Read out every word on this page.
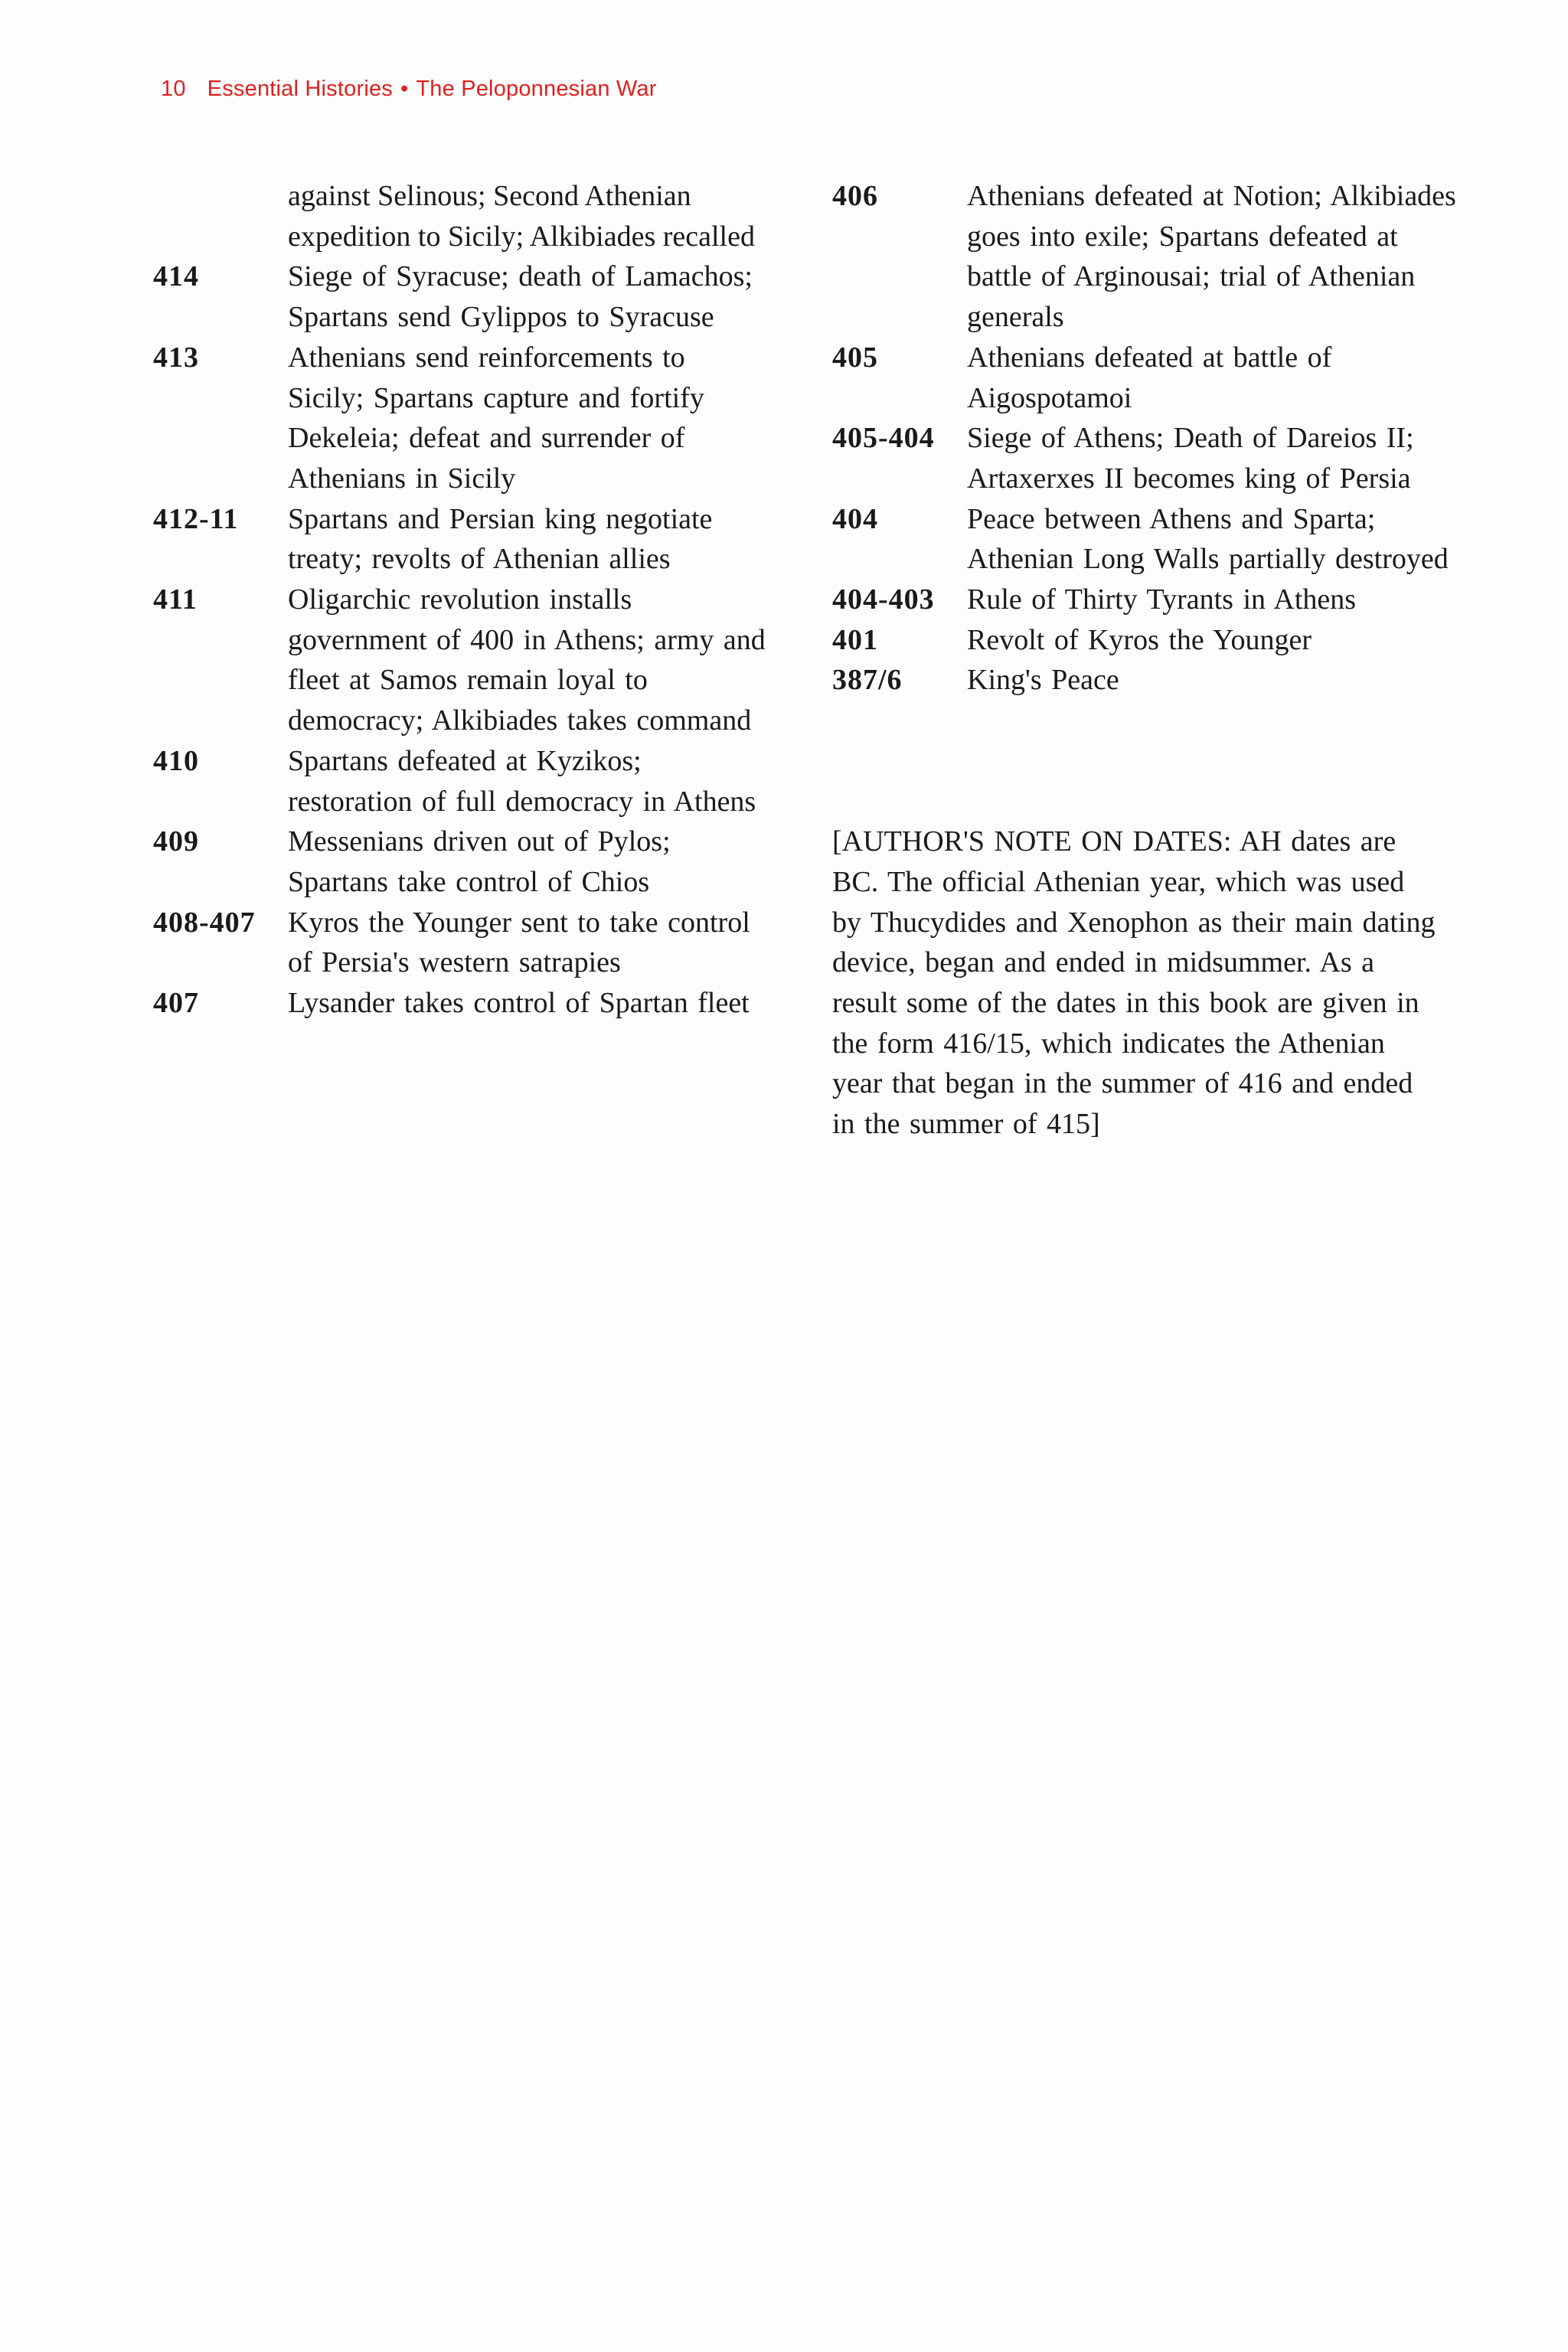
10 Essential Histories • The Peloponnesian War
against Selinous; Second Athenian expedition to Sicily; Alkibiades recalled
414	Siege of Syracuse; death of Lamachos; Spartans send Gylippos to Syracuse
413	Athenians send reinforcements to Sicily; Spartans capture and fortify Dekeleia; defeat and surrender of Athenians in Sicily
412-11	Spartans and Persian king negotiate treaty; revolts of Athenian allies
411	Oligarchic revolution installs government of 400 in Athens; army and fleet at Samos remain loyal to democracy; Alkibiades takes command
410	Spartans defeated at Kyzikos; restoration of full democracy in Athens
409	Messenians driven out of Pylos; Spartans take control of Chios
408-407	Kyros the Younger sent to take control of Persia's western satrapies
407	Lysander takes control of Spartan fleet
406	Athenians defeated at Notion; Alkibiades goes into exile; Spartans defeated at battle of Arginousai; trial of Athenian generals
405	Athenians defeated at battle of Aigospotamoi
405-404	Siege of Athens; Death of Dareios II; Artaxerxes II becomes king of Persia
404	Peace between Athens and Sparta; Athenian Long Walls partially destroyed
404-403	Rule of Thirty Tyrants in Athens
401	Revolt of Kyros the Younger
387/6	King's Peace
[AUTHOR'S NOTE ON DATES: AH dates are BC. The official Athenian year, which was used by Thucydides and Xenophon as their main dating device, began and ended in midsummer. As a result some of the dates in this book are given in the form 416/15, which indicates the Athenian year that began in the summer of 416 and ended in the summer of 415]
